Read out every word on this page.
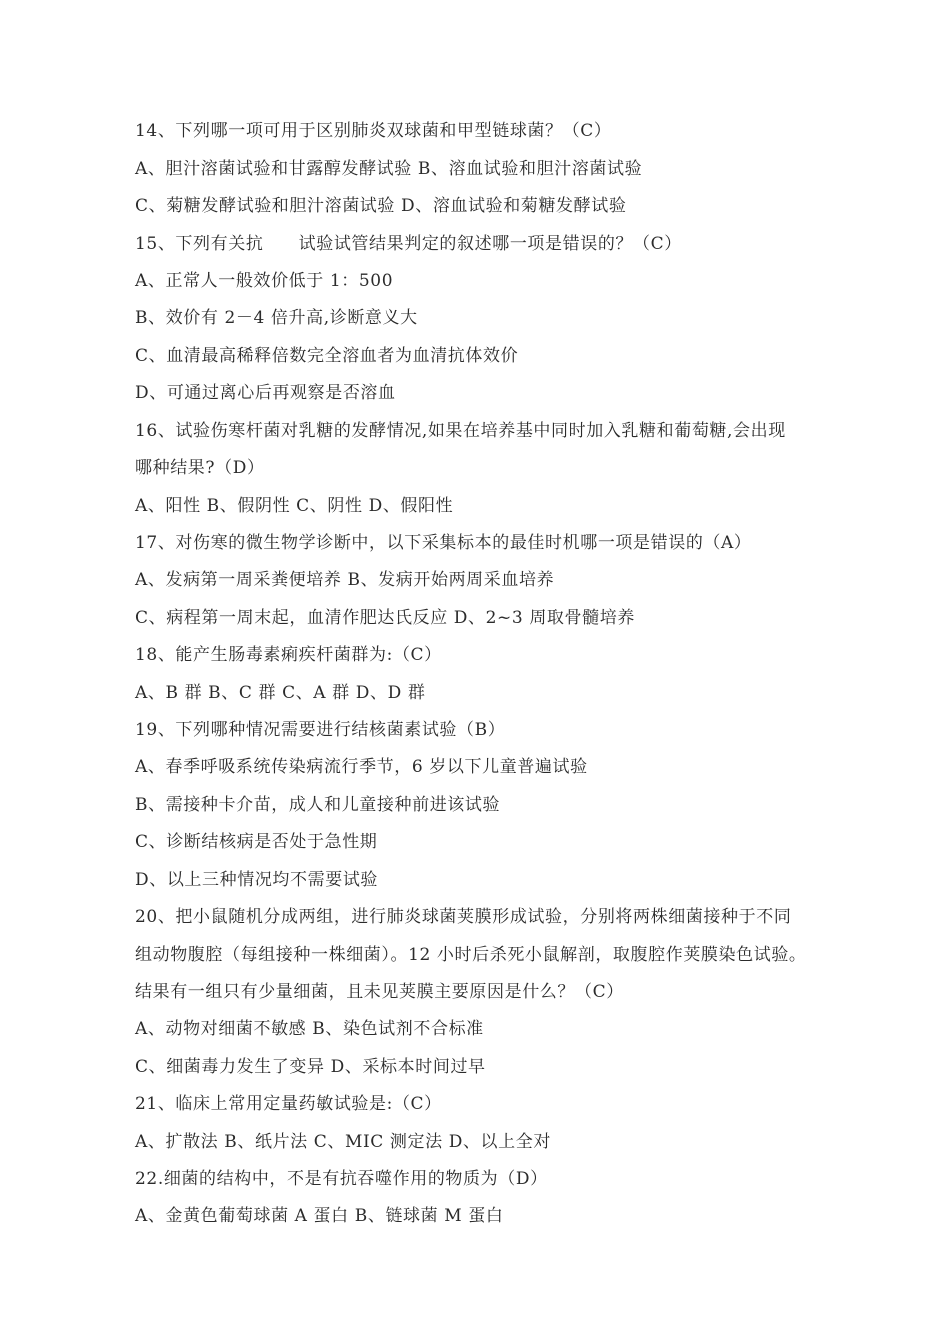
14、下列哪一项可用于区别肺炎双球菌和甲型链球菌？（C）
A、胆汁溶菌试验和甘露醇发酵试验 B、溶血试验和胆汁溶菌试验
C、菊糖发酵试验和胆汁溶菌试验 D、溶血试验和菊糖发酵试验
15、下列有关抗　　试验试管结果判定的叙述哪一项是错误的？（C）
A、正常人一般效价低于 1：500
B、效价有 2－4 倍升高,诊断意义大
C、血清最高稀释倍数完全溶血者为血清抗体效价
D、可通过离心后再观察是否溶血
16、试验伤寒杆菌对乳糖的发酵情况,如果在培养基中同时加入乳糖和葡萄糖,会出现
哪种结果?（D）
A、阳性 B、假阴性 C、阴性 D、假阳性
17、对伤寒的微生物学诊断中，以下采集标本的最佳时机哪一项是错误的（A）
A、发病第一周采粪便培养 B、发病开始两周采血培养
C、病程第一周末起，血清作肥达氏反应 D、2~3 周取骨髓培养
18、能产生肠毒素痢疾杆菌群为:（C）
A、B 群 B、C 群 C、A 群 D、D 群
19、下列哪种情况需要进行结核菌素试验（B）
A、春季呼吸系统传染病流行季节，6 岁以下儿童普遍试验
B、需接种卡介苗，成人和儿童接种前进该试验
C、诊断结核病是否处于急性期
D、以上三种情况均不需要试验
20、把小鼠随机分成两组，进行肺炎球菌荚膜形成试验，分别将两株细菌接种于不同
组动物腹腔（每组接种一株细菌）。12 小时后杀死小鼠解剖，取腹腔作荚膜染色试验。
结果有一组只有少量细菌，且未见荚膜主要原因是什么？（C）
A、动物对细菌不敏感 B、染色试剂不合标准
C、细菌毒力发生了变异 D、采标本时间过早
21、临床上常用定量药敏试验是:（C）
A、扩散法 B、纸片法 C、MIC 测定法 D、以上全对
22.细菌的结构中，不是有抗吞噬作用的物质为（D）
A、金黄色葡萄球菌 A 蛋白 B、链球菌 M 蛋白
